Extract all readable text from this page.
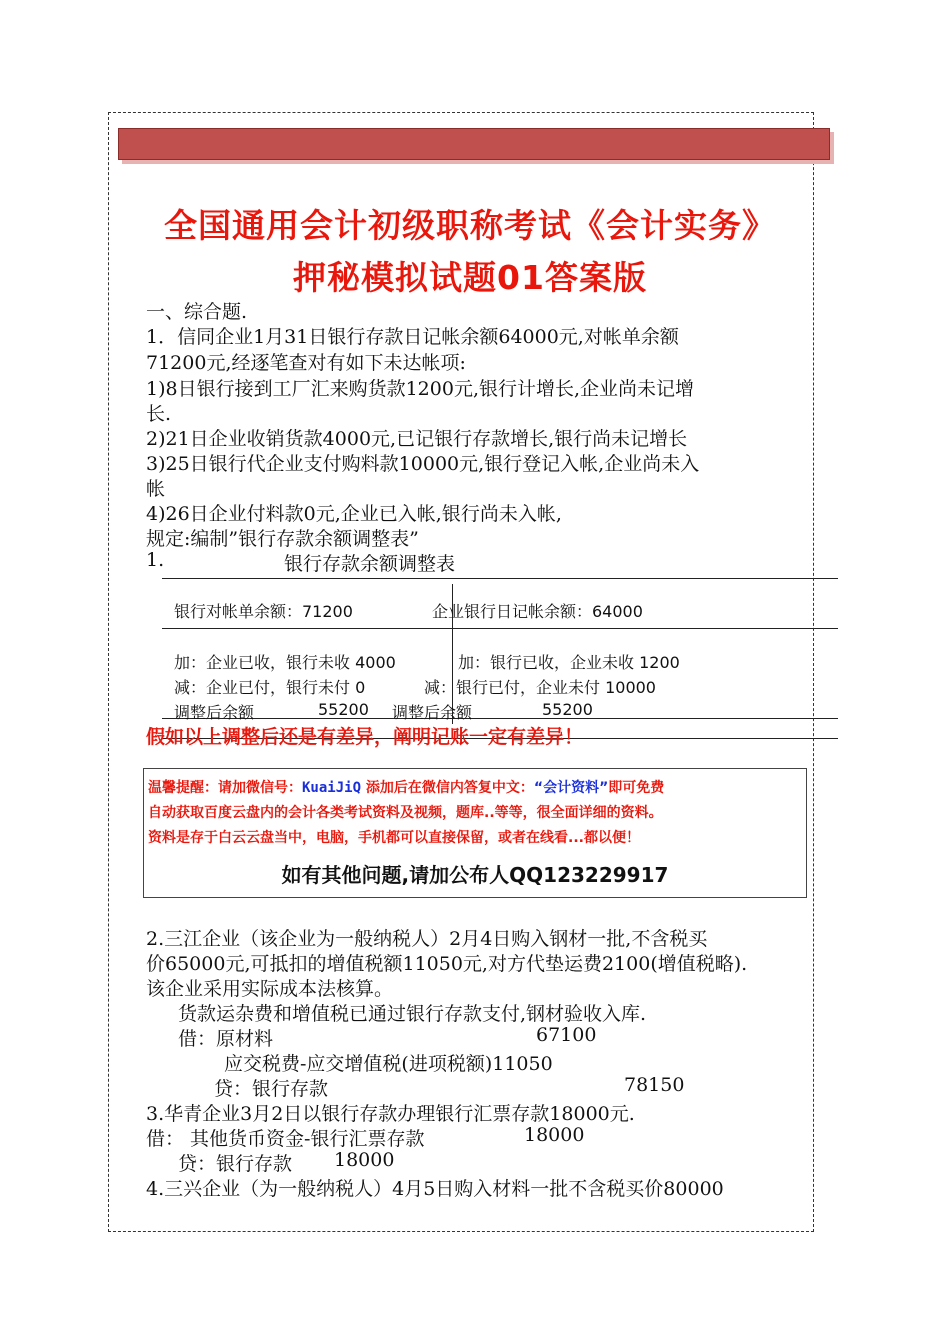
全国通用会计初级职称考试《会计实务》
押秘模拟试题01答案版
一、综合题.
1．信同企业1月31日银行存款日记帐余额64000元,对帐单余额
71200元,经逐笔查对有如下未达帐项:
1)8日银行接到工厂汇来购货款1200元,银行计增长,企业尚未记增
长.
2)21日企业收销货款4000元,已记银行存款增长,银行尚未记增长
3)25日银行代企业支付购料款10000元,银行登记入帐,企业尚未入
帐
4)26日企业付料款0元,企业已入帐,银行尚未入帐,
规定:编制”银行存款余额调整表”
1.	银行存款余额调整表
银行对帐单余额：71200	企业银行日记帐余额：64000
加：企业已收，银行未收 4000	加：银行已收，企业未收 1200
减：企业已付，银行未付 0	减：银行已付，企业未付 10000
调整后余额	55200 调整后余额	55200
假如以上调整后还是有差异，阐明记账一定有差异！
温馨提醒：请加微信号：KuaiJiQ 添加后在微信内答复中文：“会计资料”即可免费
自动获取百度云盘内的会计各类考试资料及视频，题库..等等，很全面详细的资料。
资料是存于白云云盘当中，电脑，手机都可以直接保留，或者在线看...都以便！
如有其他问题,请加公布人QQ123229917
2.三江企业（该企业为一般纳税人）2月4日购入钢材一批,不含税买
价65000元,可抵扣的增值税额11050元,对方代垫运费2100(增值税略).
该企业采用实际成本法核算。
货款运杂费和增值税已通过银行存款支付,钢材验收入库.
借：原材料	67100
应交税费-应交增值税(进项税额)11050
贷：银行存款	78150
3.华青企业3月2日以银行存款办理银行汇票存款18000元.
借： 其他货币资金-银行汇票存款	18000
贷：银行存款 18000
4.三兴企业（为一般纳税人）4月5日购入材料一批不含税买价80000
